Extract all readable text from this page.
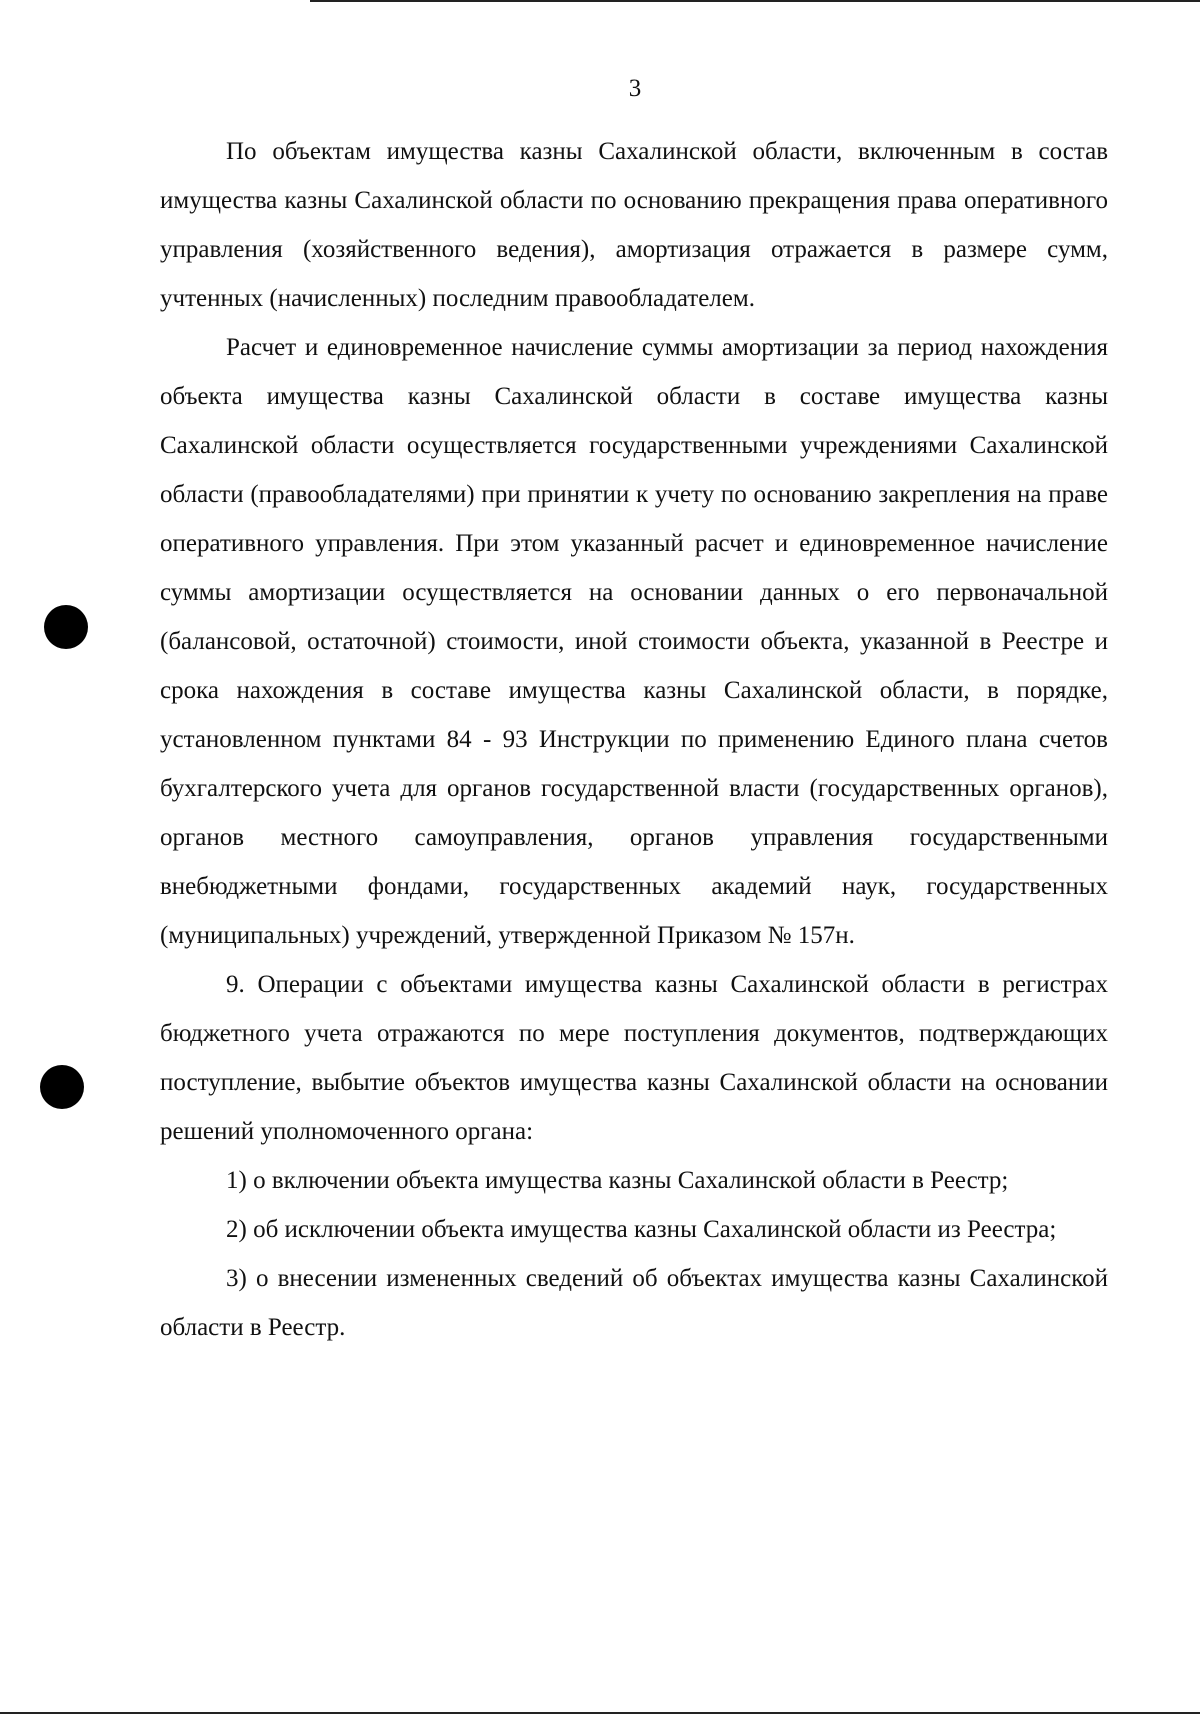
3

По объектам имущества казны Сахалинской области, включенным в состав имущества казны Сахалинской области по основанию прекращения права оперативного управления (хозяйственного ведения), амортизация отражается в размере сумм, учтенных (начисленных) последним правообладателем.

Расчет и единовременное начисление суммы амортизации за период нахождения объекта имущества казны Сахалинской области в составе имущества казны Сахалинской области осуществляется государственными учреждениями Сахалинской области (правообладателями) при принятии к учету по основанию закрепления на праве оперативного управления. При этом указанный расчет и единовременное начисление суммы амортизации осуществляется на основании данных о его первоначальной (балансовой, остаточной) стоимости, иной стоимости объекта, указанной в Реестре и срока нахождения в составе имущества казны Сахалинской области, в порядке, установленном пунктами 84 - 93 Инструкции по применению Единого плана счетов бухгалтерского учета для органов государственной власти (государственных органов), органов местного самоуправления, органов управления государственными внебюджетными фондами, государственных академий наук, государственных (муниципальных) учреждений, утвержденной Приказом № 157н.

9. Операции с объектами имущества казны Сахалинской области в регистрах бюджетного учета отражаются по мере поступления документов, подтверждающих поступление, выбытие объектов имущества казны Сахалинской области на основании решений уполномоченного органа:

1) о включении объекта имущества казны Сахалинской области в Реестр;

2) об исключении объекта имущества казны Сахалинской области из Реестра;

3) о внесении измененных сведений об объектах имущества казны Сахалинской области в Реестр.
